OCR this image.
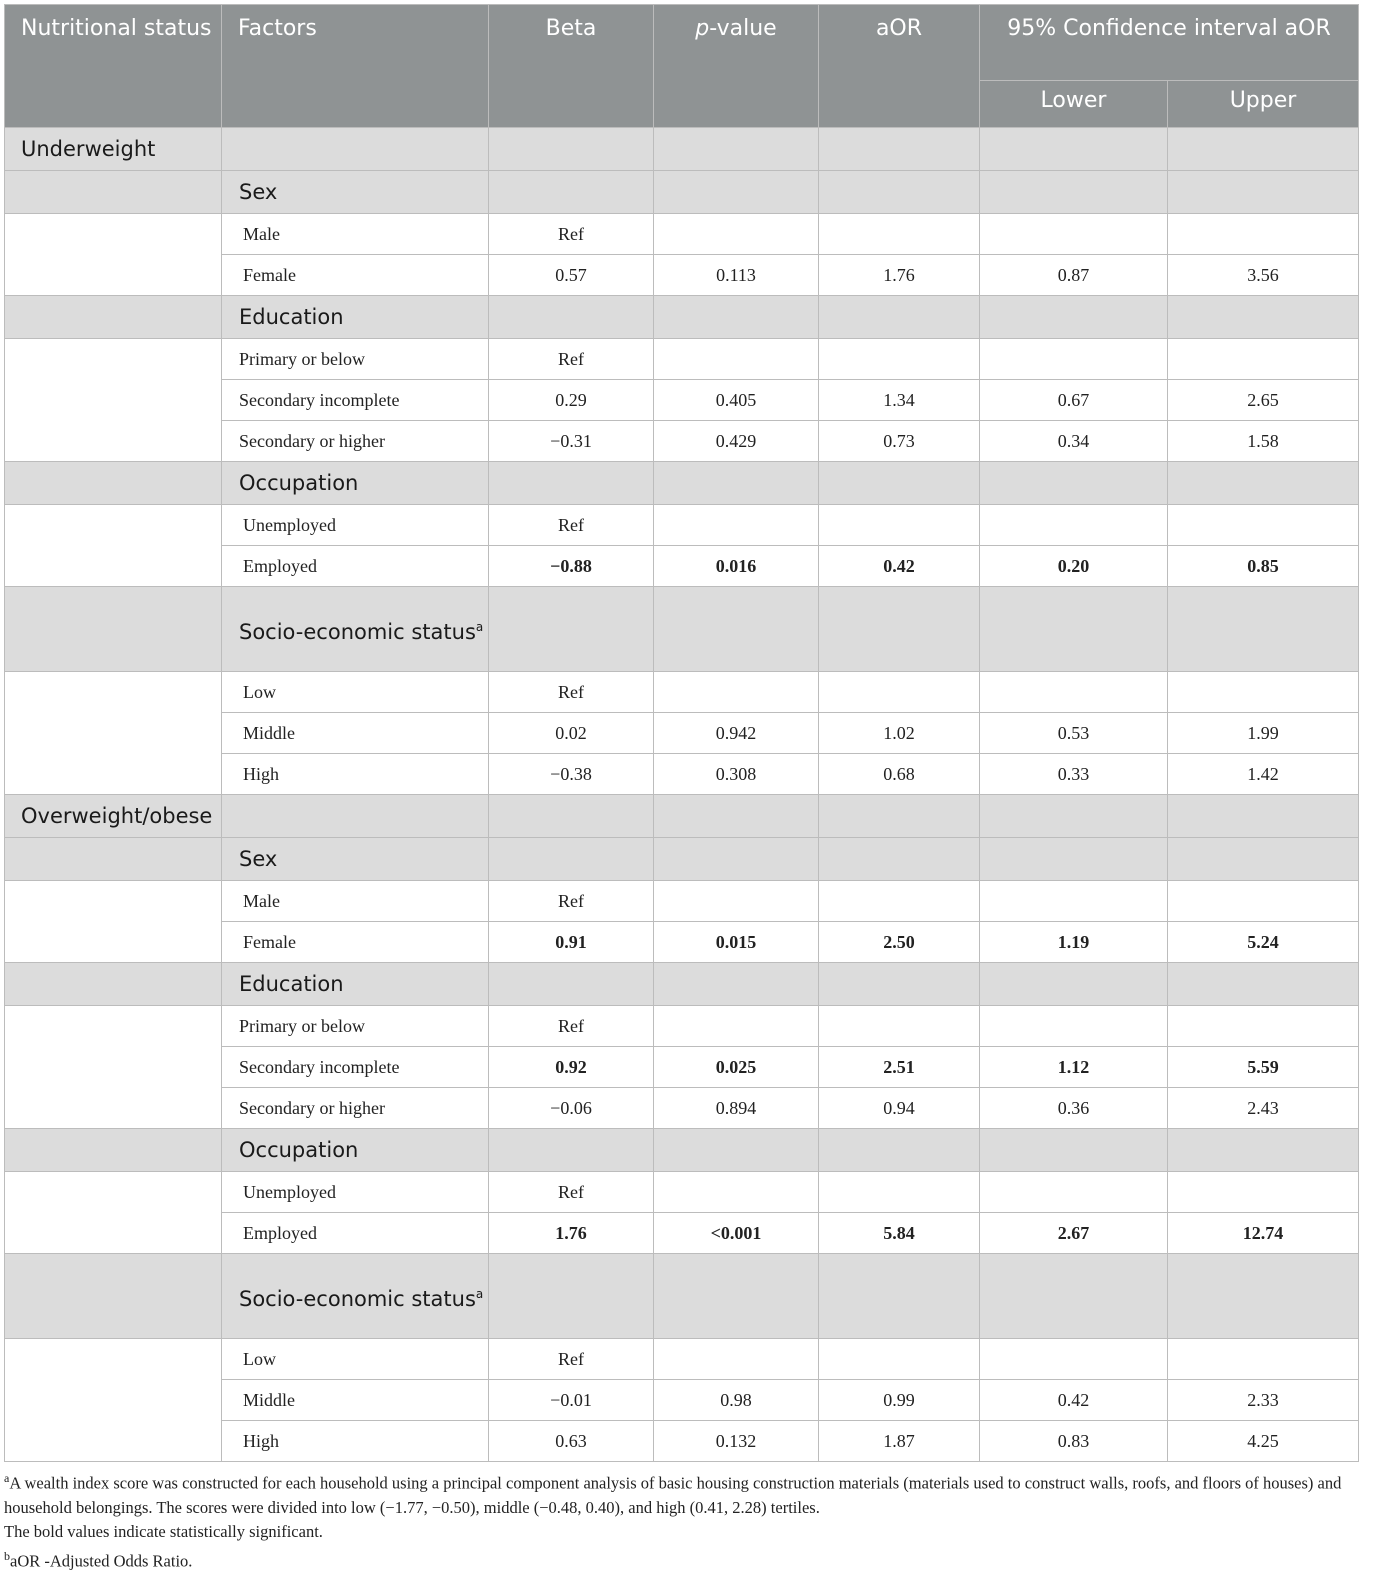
Nutritional status	Factors	Beta	p-value	aOR	95% Confidence interval aOR	
					Lower	Upper
Underweight						
	Sex					
	Male	Ref				
	Female	0.57	0.113	1.76	0.87	3.56
	Education					
	Primary or below	Ref				
	Secondary incomplete	0.29	0.405	1.34	0.67	2.65
	Secondary or higher	−0.31	0.429	0.73	0.34	1.58
	Occupation					
	Unemployed	Ref				
	Employed	−0.88	0.016	0.42	0.20	0.85
	Socio-economic status$^a$					
	Low	Ref				
	Middle	0.02	0.942	1.02	0.53	1.99
	High	−0.38	0.308	0.68	0.33	1.42
Overweight/obese						
	Sex					
	Male	Ref				
	Female	0.91	0.015	2.50	1.19	5.24
	Education					
	Primary or below	Ref				
	Secondary incomplete	0.92	0.025	2.51	1.12	5.59
	Secondary or higher	−0.06	0.894	0.94	0.36	2.43
	Occupation					
	Unemployed	Ref				
	Employed	1.76	<0.001	5.84	2.67	12.74
	Socio-economic status$^a$					
	Low	Ref				
	Middle	−0.01	0.98	0.99	0.42	2.33
	High	0.63	0.132	1.87	0.83	4.25

$^a$A wealth index score was constructed for each household using a principal component analysis of basic housing construction materials (materials used to construct walls, roofs, and floors of houses) and household belongings. The scores were divided into low (−1.77, −0.50), middle (−0.48, 0.40), and high (0.41, 2.28) tertiles.

The bold values indicate statistically significant.

$^b$aOR -Adjusted Odds Ratio.
